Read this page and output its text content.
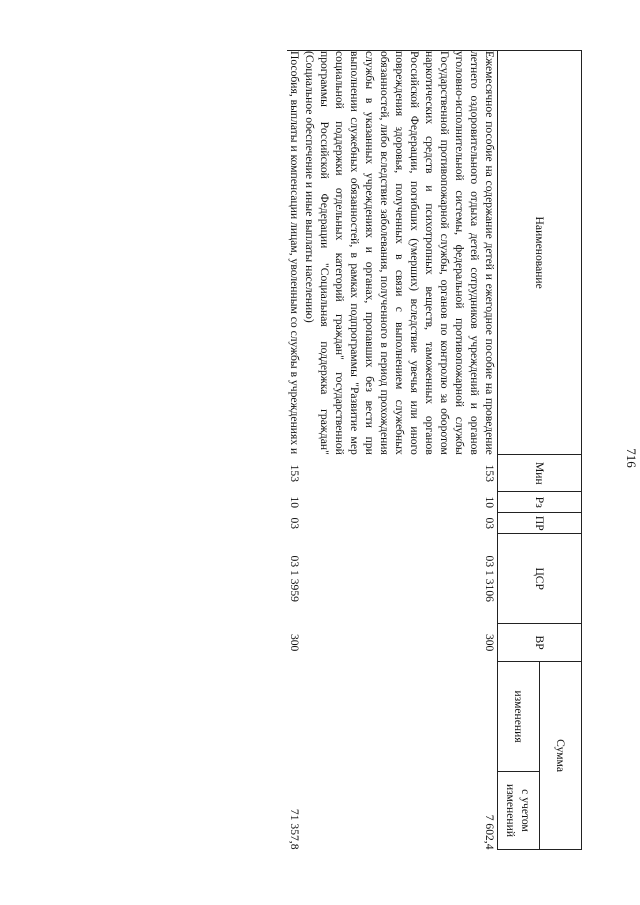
716
Наименование	Мин	Рз	ПР	ЦСР	ВР	Сумма	
						изменения	с учетом изменений
Ежемесячное пособие на содержание детей и ежегодное пособие на проведение летнего оздоровительного отдыха детей сотрудников учреждений и органов уголовно-исполнительной системы, федеральной противопожарной службы Государственной противопожарной службы, органов по контролю за оборотом наркотических средств и психотропных веществ, таможенных органов Российской Федерации, погибших (умерших) вследствие увечья или иного повреждения здоровья, полученных в связи с выполнением служебных обязанностей, либо вследствие заболевания, полученного в период прохождения службы в указанных учреждениях и органах, пропавших без вести при выполнении служебных обязанностей, в рамках подпрограммы "Развитие мер социальной поддержки отдельных категорий граждан" государственной программы Российской Федерации "Социальная поддержка граждан" (Социальное обеспечение и иные выплаты населению)	153	10	03	03 1 3106	300		7 602,4
Пособия, выплаты и компенсации лицам, уволенным со службы в учреждениях и	153	10	03	03 1 3959	300		71 357,8
